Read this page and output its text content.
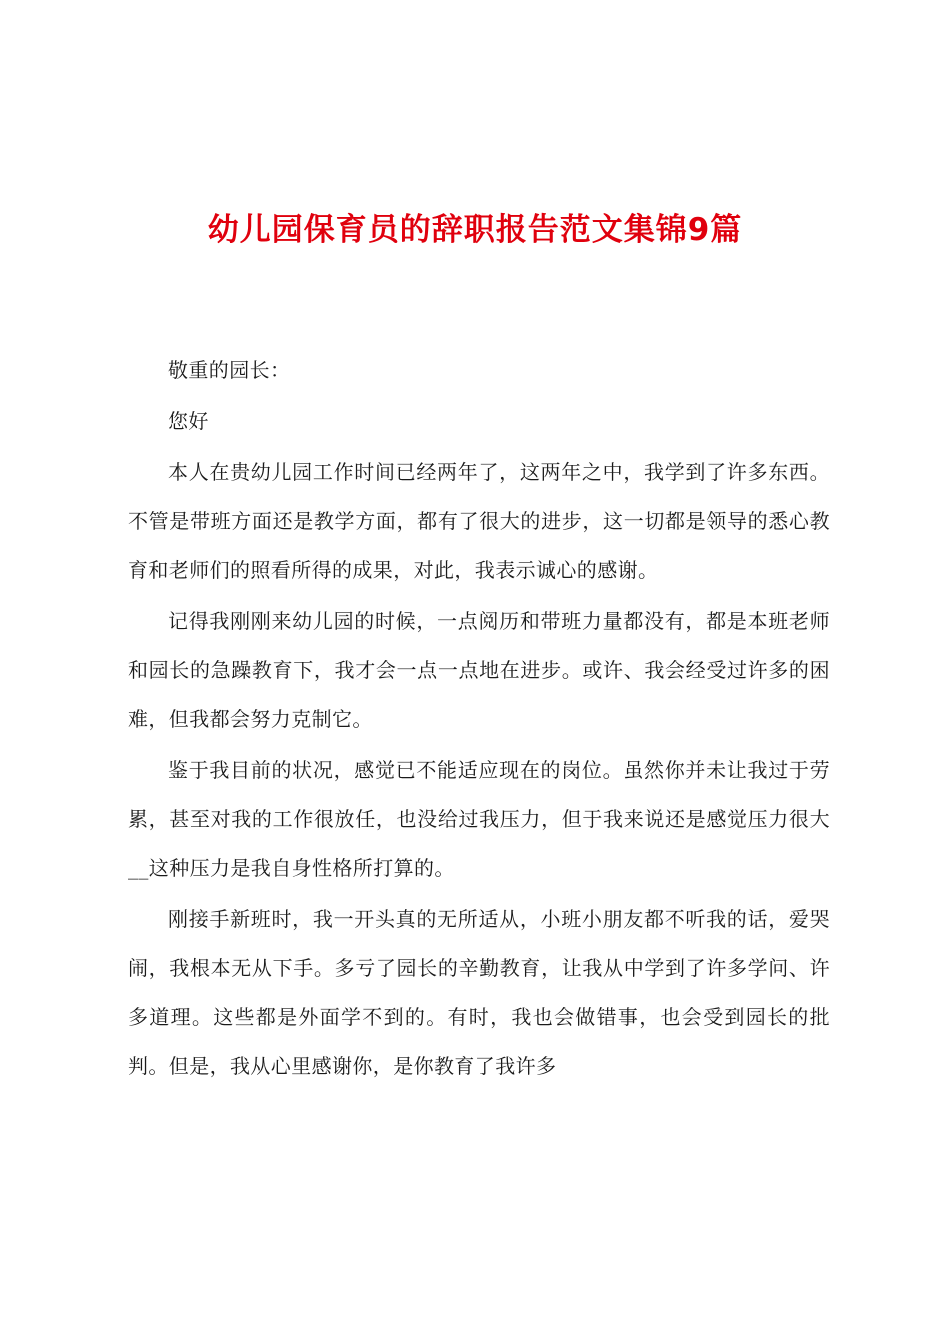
幼儿园保育员的辞职报告范文集锦9篇

敬重的园长：

您好

本人在贵幼儿园工作时间已经两年了，这两年之中，我学到了许多东西。不管是带班方面还是教学方面，都有了很大的进步，这一切都是领导的悉心教育和老师们的照看所得的成果，对此，我表示诚心的感谢。

记得我刚刚来幼儿园的时候，一点阅历和带班力量都没有，都是本班老师和园长的急躁教育下，我才会一点一点地在进步。或许、我会经受过许多的困难，但我都会努力克制它。

鉴于我目前的状况，感觉已不能适应现在的岗位。虽然你并未让我过于劳累，甚至对我的工作很放任，也没给过我压力，但于我来说还是感觉压力很大__这种压力是我自身性格所打算的。

刚接手新班时，我一开头真的无所适从，小班小朋友都不听我的话，爱哭闹，我根本无从下手。多亏了园长的辛勤教育，让我从中学到了许多学问、许多道理。这些都是外面学不到的。有时，我也会做错事，也会受到园长的批判。但是，我从心里感谢你，是你教育了我许多
